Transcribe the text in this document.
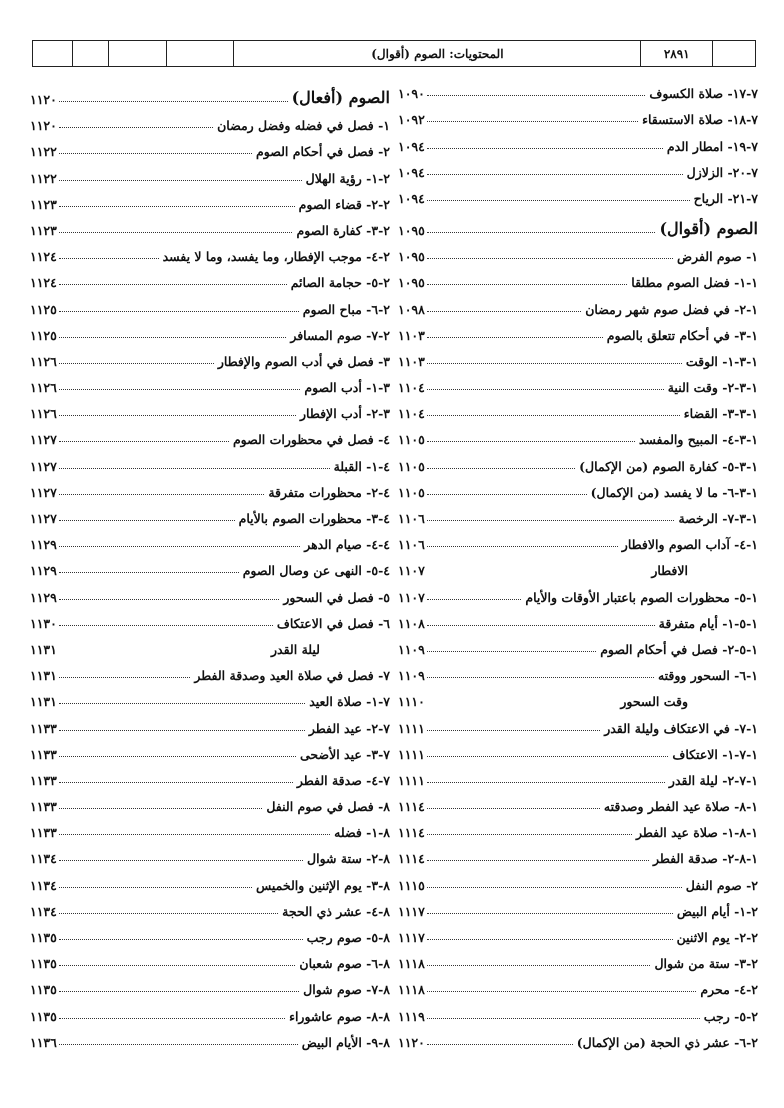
المحتويات: الصوم (أقوال)	٢٨٩١
٧-١٧- صلاة الكسوف
١٠٩٠
٧-١٨- صلاة الاستسقاء
١٠٩٢
٧-١٩- امطار الدم
١٠٩٤
٧-٢٠- الزلازل
١٠٩٤
٧-٢١- الرياح
١٠٩٤
الصوم (أقوال)
١٠٩٥
١- صوم الفرض
١٠٩٥
١-١- فضل الصوم مطلقا
١٠٩٥
١-٢- في فضل صوم شهر رمضان
١٠٩٨
١-٣- في أحكام تتعلق بالصوم
١١٠٣
١-٣-١- الوقت
١١٠٣
١-٣-٢- وقت النية
١١٠٤
١-٣-٣- القضاء
١١٠٤
١-٣-٤- المبيح والمفسد
١١٠٥
١-٣-٥- كفارة الصوم (من الإكمال)
١١٠٥
١-٣-٦- ما لا يفسد (من الإكمال)
١١٠٥
١-٣-٧- الرخصة
١١٠٦
١-٤- آداب الصوم والافطار
١١٠٦
الافطار
١١٠٧
١-٥- محظورات الصوم باعتبار الأوقات والأيام
١١٠٧
١-٥-١- أيام متفرقة
١١٠٨
١-٥-٢- فصل في أحكام الصوم
١١٠٩
١-٦- السحور ووقته
١١٠٩
وقت السحور
١١١٠
١-٧- في الاعتكاف وليلة القدر
١١١١
١-٧-١- الاعتكاف
١١١١
١-٧-٢- ليلة القدر
١١١١
١-٨- صلاة عيد الفطر وصدقته
١١١٤
١-٨-١- صلاة عيد الفطر
١١١٤
١-٨-٢- صدقة الفطر
١١١٤
٢- صوم النفل
١١١٥
٢-١- أيام البيض
١١١٧
٢-٢- يوم الاثنين
١١١٧
٢-٣- ستة من شوال
١١١٨
٢-٤- محرم
١١١٨
٢-٥- رجب
١١١٩
٢-٦- عشر ذي الحجة (من الإكمال)
١١٢٠
الصوم (أفعال)
١١٢٠
١- فصل في فضله وفضل رمضان
١١٢٠
٢- فصل في أحكام الصوم
١١٢٢
٢-١- رؤية الهلال
١١٢٢
٢-٢- قضاء الصوم
١١٢٣
٢-٣- كفارة الصوم
١١٢٣
٢-٤- موجب الإفطار، وما يفسد، وما لا يفسد
١١٢٤
٢-٥- حجامة الصائم
١١٢٤
٢-٦- مباح الصوم
١١٢٥
٢-٧- صوم المسافر
١١٢٥
٣- فصل في أدب الصوم والإفطار
١١٢٦
٣-١- أدب الصوم
١١٢٦
٣-٢- أدب الإفطار
١١٢٦
٤- فصل في محظورات الصوم
١١٢٧
٤-١- القبلة
١١٢٧
٤-٢- محظورات متفرقة
١١٢٧
٤-٣- محظورات الصوم بالأيام
١١٢٧
٤-٤- صيام الدهر
١١٢٩
٤-٥- النهى عن وصال الصوم
١١٢٩
٥- فصل في السحور
١١٢٩
٦- فصل في الاعتكاف
١١٣٠
ليلة القدر
١١٣١
٧- فصل في صلاة العيد وصدقة الفطر
١١٣١
٧-١- صلاة العيد
١١٣١
٧-٢- عيد الفطر
١١٣٣
٧-٣- عيد الأضحى
١١٣٣
٧-٤- صدقة الفطر
١١٣٣
٨- فصل في صوم النفل
١١٣٣
٨-١- فضله
١١٣٣
٨-٢- ستة شوال
١١٣٤
٨-٣- يوم الإثنين والخميس
١١٣٤
٨-٤- عشر ذي الحجة
١١٣٤
٨-٥- صوم رجب
١١٣٥
٨-٦- صوم شعبان
١١٣٥
٨-٧- صوم شوال
١١٣٥
٨-٨- صوم عاشوراء
١١٣٥
٨-٩- الأيام البيض
١١٣٦
